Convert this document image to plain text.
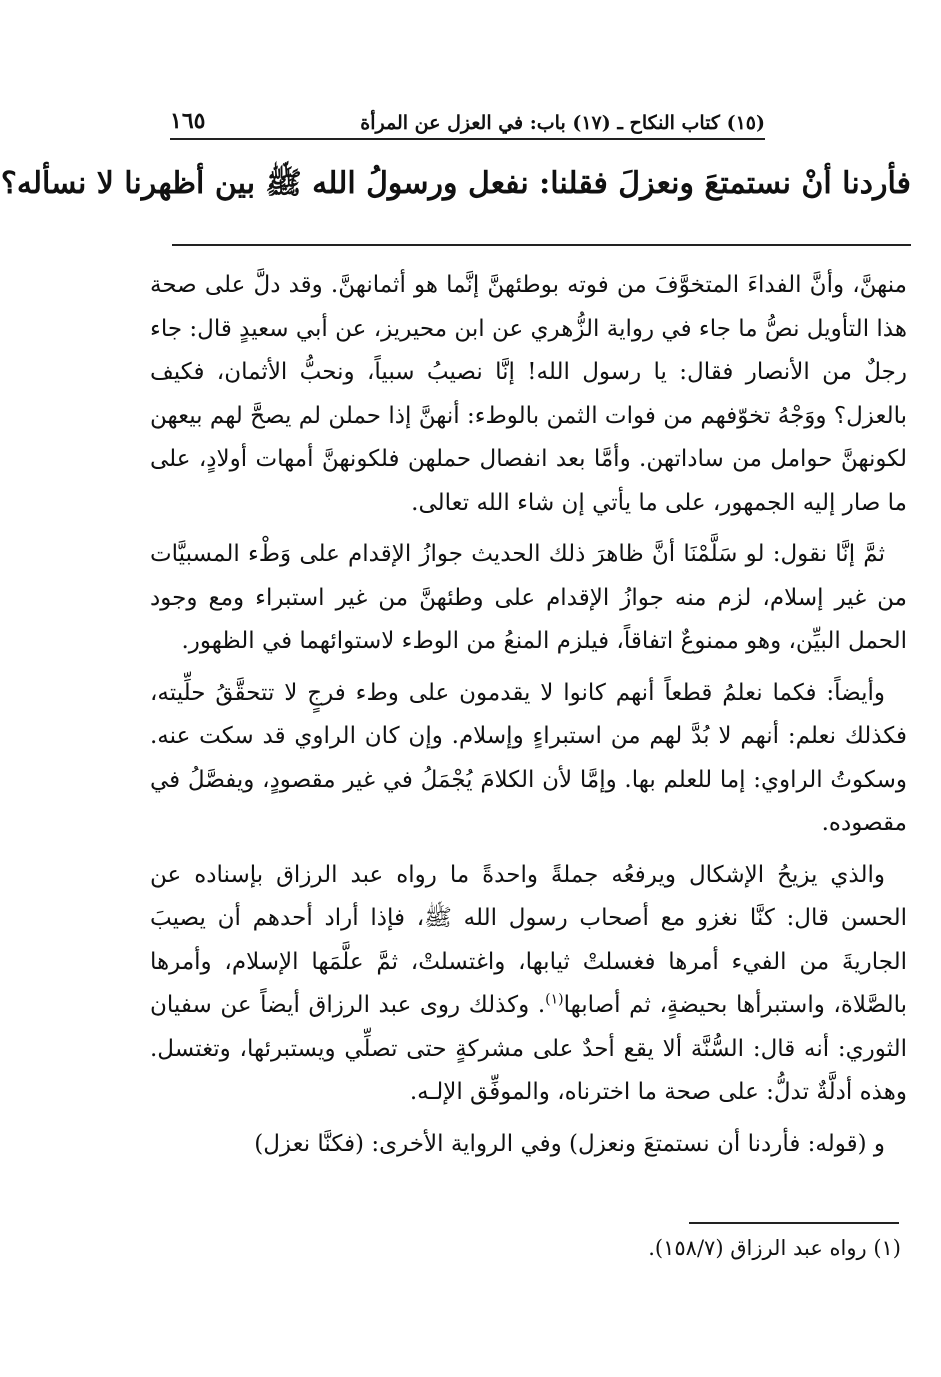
(١٥) كتاب النكاح ـ (١٧) باب: في العزل عن المرأة
١٦٥
فأردنا أنْ نستمتعَ ونعزلَ فقلنا: نفعل ورسولُ الله ﷺ بين أظهرنا لا نسأله؟

منهنَّ، وأنَّ الفداءَ المتخوَّفَ من فوته بوطئهنَّ إنَّما هو أثمانهنَّ. وقد دلَّ على صحة هذا التأويل نصُّ ما جاء في رواية الزُّهري عن ابن محيريز، عن أبي سعيدٍ قال: جاء رجلٌ من الأنصار فقال: يا رسول الله! إنَّا نصيبُ سبياً، ونحبُّ الأثمان، فكيف بالعزل؟ ووَجْهُ تخوّفهم من فوات الثمن بالوطء: أنهنَّ إذا حملن لم يصحَّ لهم بيعهن لكونهنَّ حوامل من ساداتهن. وأمَّا بعد انفصال حملهن فلكونهنَّ أمهات أولادٍ، على ما صار إليه الجمهور، على ما يأتي إن شاء الله تعالى.

ثمَّ إنَّا نقول: لو سَلَّمْنَا أنَّ ظاهرَ ذلك الحديث جوازُ الإقدام على وَطْء المسبيَّات من غير إسلام، لزم منه جوازُ الإقدام على وطئهنَّ من غير استبراء ومع وجود الحمل البيِّن، وهو ممنوعٌ اتفاقاً، فيلزم المنعُ من الوطء لاستوائهما في الظهور.

وأيضاً: فكما نعلمُ قطعاً أنهم كانوا لا يقدمون على وطء فرجٍ لا تتحقَّقُ حلِّيته، فكذلك نعلم: أنهم لا بُدَّ لهم من استبراءٍ وإسلام. وإن كان الراوي قد سكت عنه. وسكوتُ الراوي: إما للعلم بها. وإمَّا لأن الكلامَ يُجْمَلُ في غير مقصودٍ، ويفصَّلُ في مقصوده.

والذي يزيحُ الإشكال ويرفعُه جملةً واحدةً ما رواه عبد الرزاق بإسناده عن الحسن قال: كنَّا نغزو مع أصحاب رسول الله ﷺ، فإذا أراد أحدهم أن يصيبَ الجاريةَ من الفيء أمرها فغسلتْ ثيابها، واغتسلتْ، ثمَّ علَّمَها الإسلام، وأمرها بالصَّلاة، واستبرأها بحيضةٍ، ثم أصابها$^{(١)}$. وكذلك روى عبد الرزاق أيضاً عن سفيان الثوري: أنه قال: السُّنَّة ألا يقع أحدٌ على مشركةٍ حتى تصلِّي ويستبرئها، وتغتسل. وهذه أدلَّةٌ تدلُّ: على صحة ما اخترناه، والموفِّق الإلـه.

و (قوله: فأردنا أن نستمتعَ ونعزل) وفي الرواية الأخرى: (فكنَّا نعزل)

(١) رواه عبد الرزاق (١٥٨/٧).
